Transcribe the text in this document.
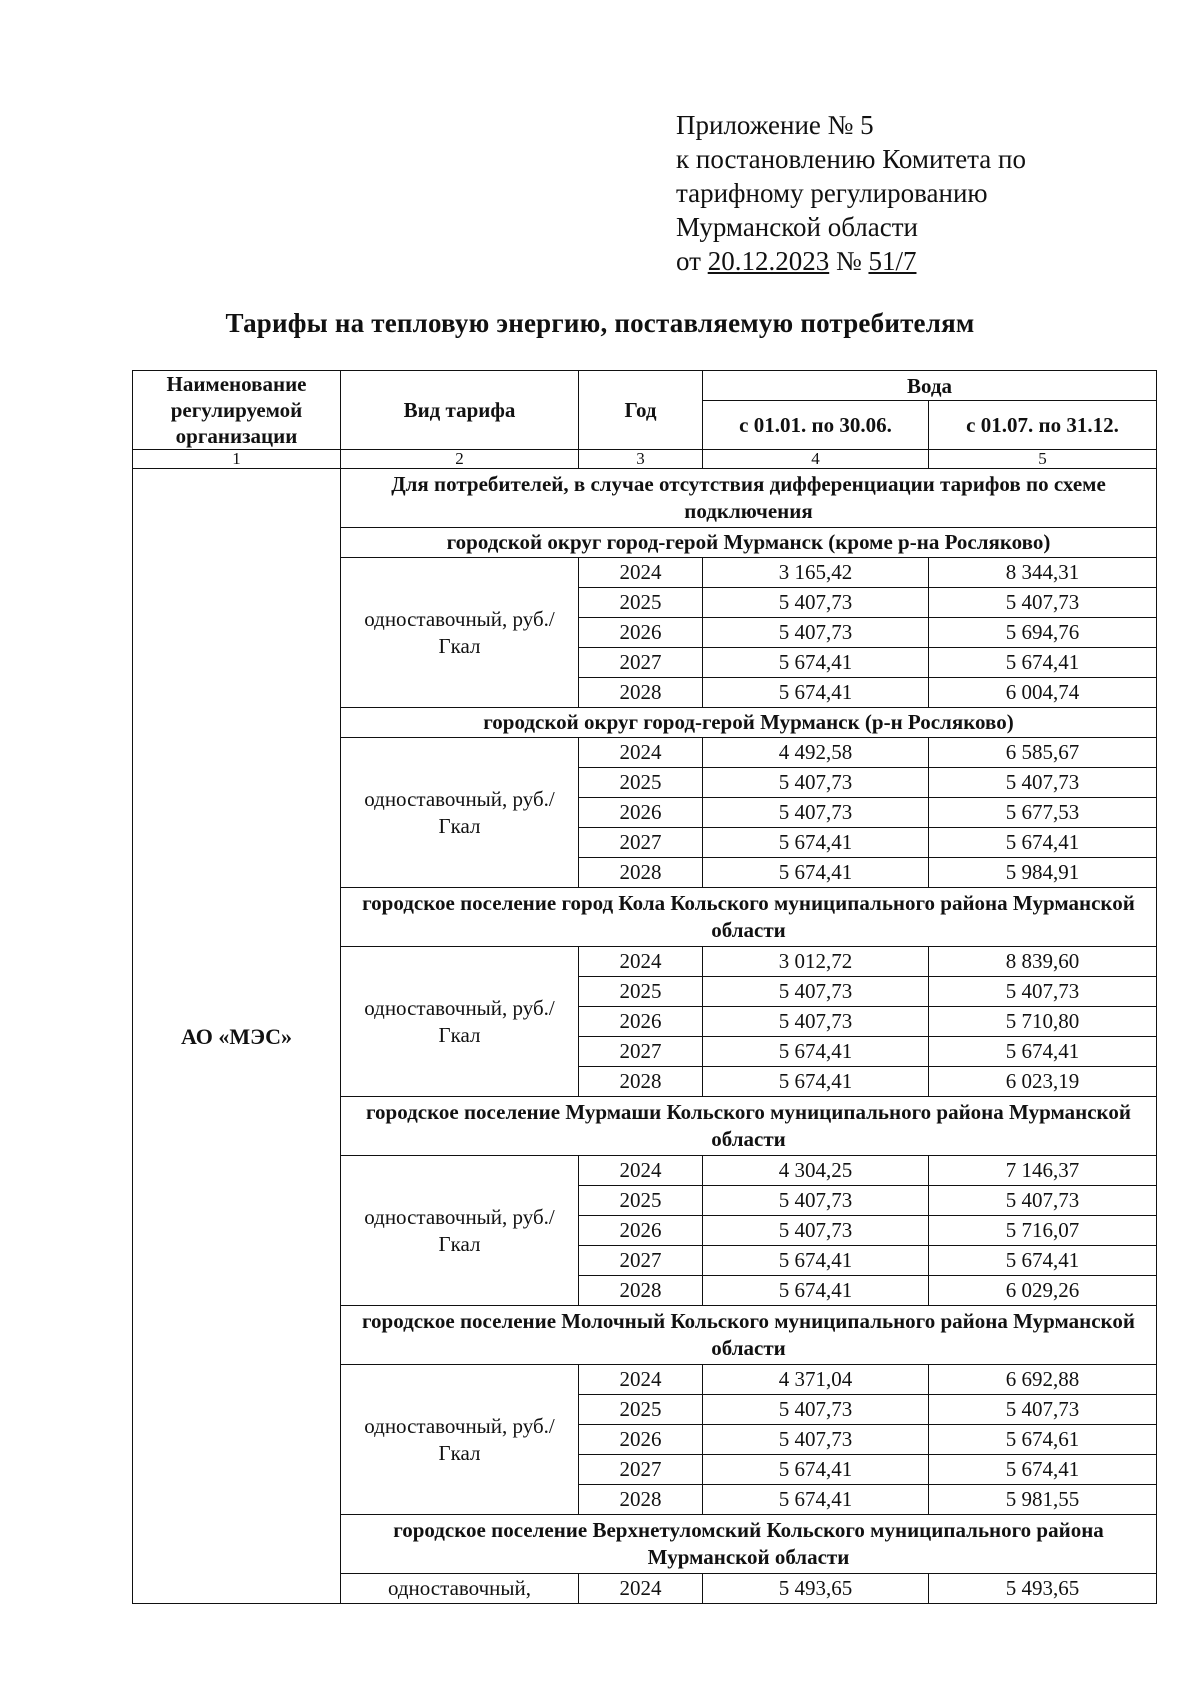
Приложение № 5
к постановлению Комитета по
тарифному регулированию
Мурманской области
от 20.12.2023 № 51/7
Тарифы на тепловую энергию, поставляемую потребителям
Наименование регулируемой организации	Вид тарифа	Год	Вода	
			с 01.01. по 30.06.	с 01.07. по 31.12.
1	2	3	4	5
АО «МЭС»	Для потребителей, в случае отсутствия дифференциации тарифов по схеме подключения			
	городской округ город-герой Мурманск (кроме р-на Росляково)			
	одноставочный, руб./Гкал	2024	3 165,42	8 344,31
		2025	5 407,73	5 407,73
		2026	5 407,73	5 694,76
		2027	5 674,41	5 674,41
		2028	5 674,41	6 004,74
	городской округ город-герой Мурманск (р-н Росляково)			
	одноставочный, руб./Гкал	2024	4 492,58	6 585,67
		2025	5 407,73	5 407,73
		2026	5 407,73	5 677,53
		2027	5 674,41	5 674,41
		2028	5 674,41	5 984,91
	городское поселение город Кола Кольского муниципального района Мурманской области			
	одноставочный, руб./Гкал	2024	3 012,72	8 839,60
		2025	5 407,73	5 407,73
		2026	5 407,73	5 710,80
		2027	5 674,41	5 674,41
		2028	5 674,41	6 023,19
	городское поселение Мурмаши Кольского муниципального района Мурманской области			
	одноставочный, руб./Гкал	2024	4 304,25	7 146,37
		2025	5 407,73	5 407,73
		2026	5 407,73	5 716,07
		2027	5 674,41	5 674,41
		2028	5 674,41	6 029,26
	городское поселение Молочный Кольского муниципального района Мурманской области			
	одноставочный, руб./Гкал	2024	4 371,04	6 692,88
		2025	5 407,73	5 407,73
		2026	5 407,73	5 674,61
		2027	5 674,41	5 674,41
		2028	5 674,41	5 981,55
	городское поселение Верхнетуломский Кольского муниципального района Мурманской области			
	одноставочный,	2024	5 493,65	5 493,65
